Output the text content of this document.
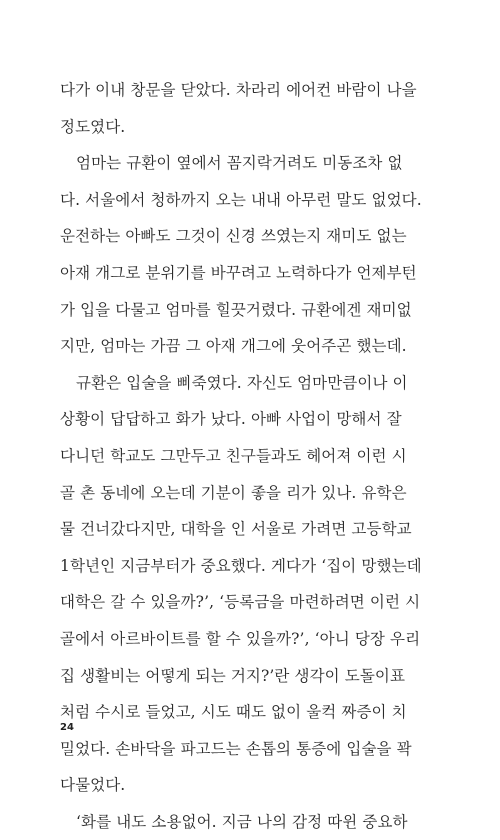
다가 이내 창문을 닫았다. 차라리 에어컨 바람이 나을
정도였다.
엄마는 규환이 옆에서 꼼지락거려도 미동조차 없
다. 서울에서 청하까지 오는 내내 아무런 말도 없었다.
운전하는 아빠도 그것이 신경 쓰였는지 재미도 없는
아재 개그로 분위기를 바꾸려고 노력하다가 언제부턴
가 입을 다물고 엄마를 힐끗거렸다. 규환에겐 재미없
지만, 엄마는 가끔 그 아재 개그에 웃어주곤 했는데.
규환은 입술을 삐죽였다. 자신도 엄마만큼이나 이
상황이 답답하고 화가 났다. 아빠 사업이 망해서 잘
다니던 학교도 그만두고 친구들과도 헤어져 이런 시
골 촌 동네에 오는데 기분이 좋을 리가 있나. 유학은
물 건너갔다지만, 대학을 인 서울로 가려면 고등학교
1학년인 지금부터가 중요했다. 게다가 ‘집이 망했는데
대학은 갈 수 있을까?’, ‘등록금을 마련하려면 이런 시
골에서 아르바이트를 할 수 있을까?’, ‘아니 당장 우리
집 생활비는 어떻게 되는 거지?’란 생각이 도돌이표
처럼 수시로 들었고, 시도 때도 없이 울컥 짜증이 치
밀었다. 손바닥을 파고드는 손톱의 통증에 입술을 꽉
다물었다.
‘화를 내도 소용없어. 지금 나의 감정 따윈 중요하
24
